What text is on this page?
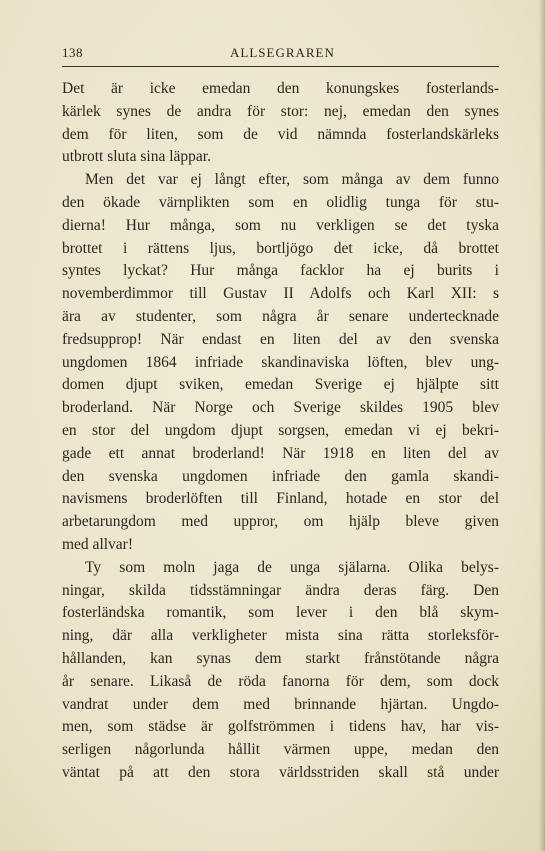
138	ALLSEGRAREN
Det är icke emedan den konungskes fosterlands-
kärlek synes de andra för stor: nej, emedan den synes
dem för liten, som de vid nämnda fosterlandskärleks
utbrott sluta sina läppar.
Men det var ej långt efter, som många av dem funno
den ökade värnplikten som en olidlig tunga för stu-
dierna! Hur många, som nu verkligen se det tyska
brottet i rättens ljus, bortljögo det icke, då brottet
syntes lyckat? Hur många facklor ha ej burits i
novemberdimmor till Gustav II Adolfs och Karl XII: s
ära av studenter, som några år senare undertecknade
fredsupprop! När endast en liten del av den svenska
ungdomen 1864 infriade skandinaviska löften, blev ung-
domen djupt sviken, emedan Sverige ej hjälpte sitt
broderland. När Norge och Sverige skildes 1905 blev
en stor del ungdom djupt sorgsen, emedan vi ej bekri-
gade ett annat broderland! När 1918 en liten del av
den svenska ungdomen infriade den gamla skandi-
navismens broderlöften till Finland, hotade en stor del
arbetarungdom med uppror, om hjälp bleve given
med allvar!
Ty som moln jaga de unga själarna. Olika belys-
ningar, skilda tidsstämningar ändra deras färg. Den
fosterländska romantik, som lever i den blå skym-
ning, där alla verkligheter mista sina rätta storleksför-
hållanden, kan synas dem starkt frånstötande några
år senare. Likaså de röda fanorna för dem, som dock
vandrat under dem med brinnande hjärtan. Ungdo-
men, som städse är golfströmmen i tidens hav, har vis-
serligen någorlunda hållit värmen uppe, medan den
väntat på att den stora världsstriden skall stå under
